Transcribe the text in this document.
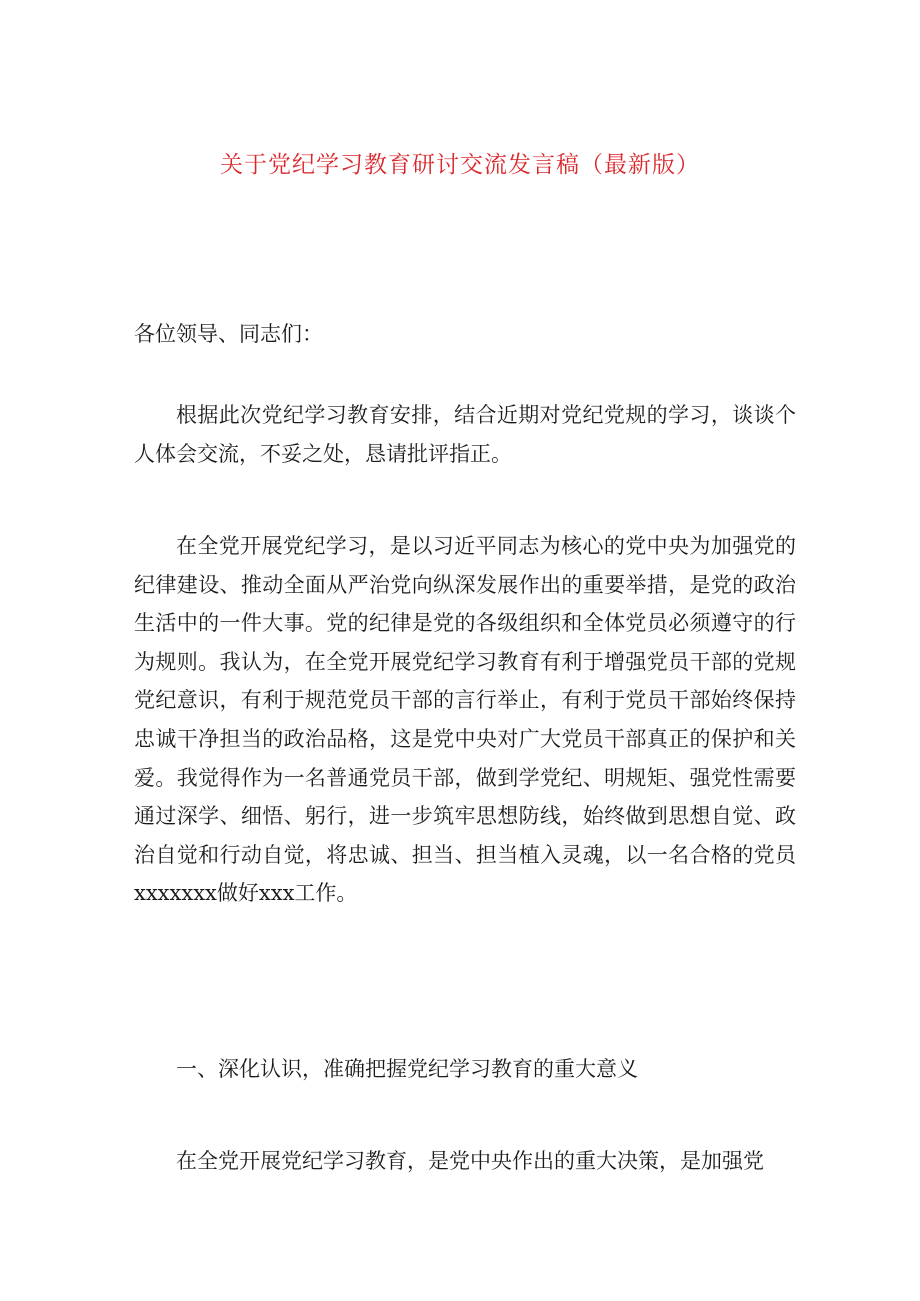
关于党纪学习教育研讨交流发言稿（最新版）
各位领导、同志们：

根据此次党纪学习教育安排，结合近期对党纪党规的学习，谈谈个人体会交流，不妥之处，恳请批评指正。

在全党开展党纪学习，是以习近平同志为核心的党中央为加强党的纪律建设、推动全面从严治党向纵深发展作出的重要举措，是党的政治生活中的一件大事。党的纪律是党的各级组织和全体党员必须遵守的行为规则。我认为，在全党开展党纪学习教育有利于增强党员干部的党规党纪意识，有利于规范党员干部的言行举止，有利于党员干部始终保持忠诚干净担当的政治品格，这是党中央对广大党员干部真正的保护和关爱。我觉得作为一名普通党员干部，做到学党纪、明规矩、强党性需要通过深学、细悟、躬行，进一步筑牢思想防线，始终做到思想自觉、政治自觉和行动自觉，将忠诚、担当、担当植入灵魂，以一名合格的党员xxxxxxx做好xxx工作。

一、深化认识，准确把握党纪学习教育的重大意义

在全党开展党纪学习教育，是党中央作出的重大决策，是加强党
